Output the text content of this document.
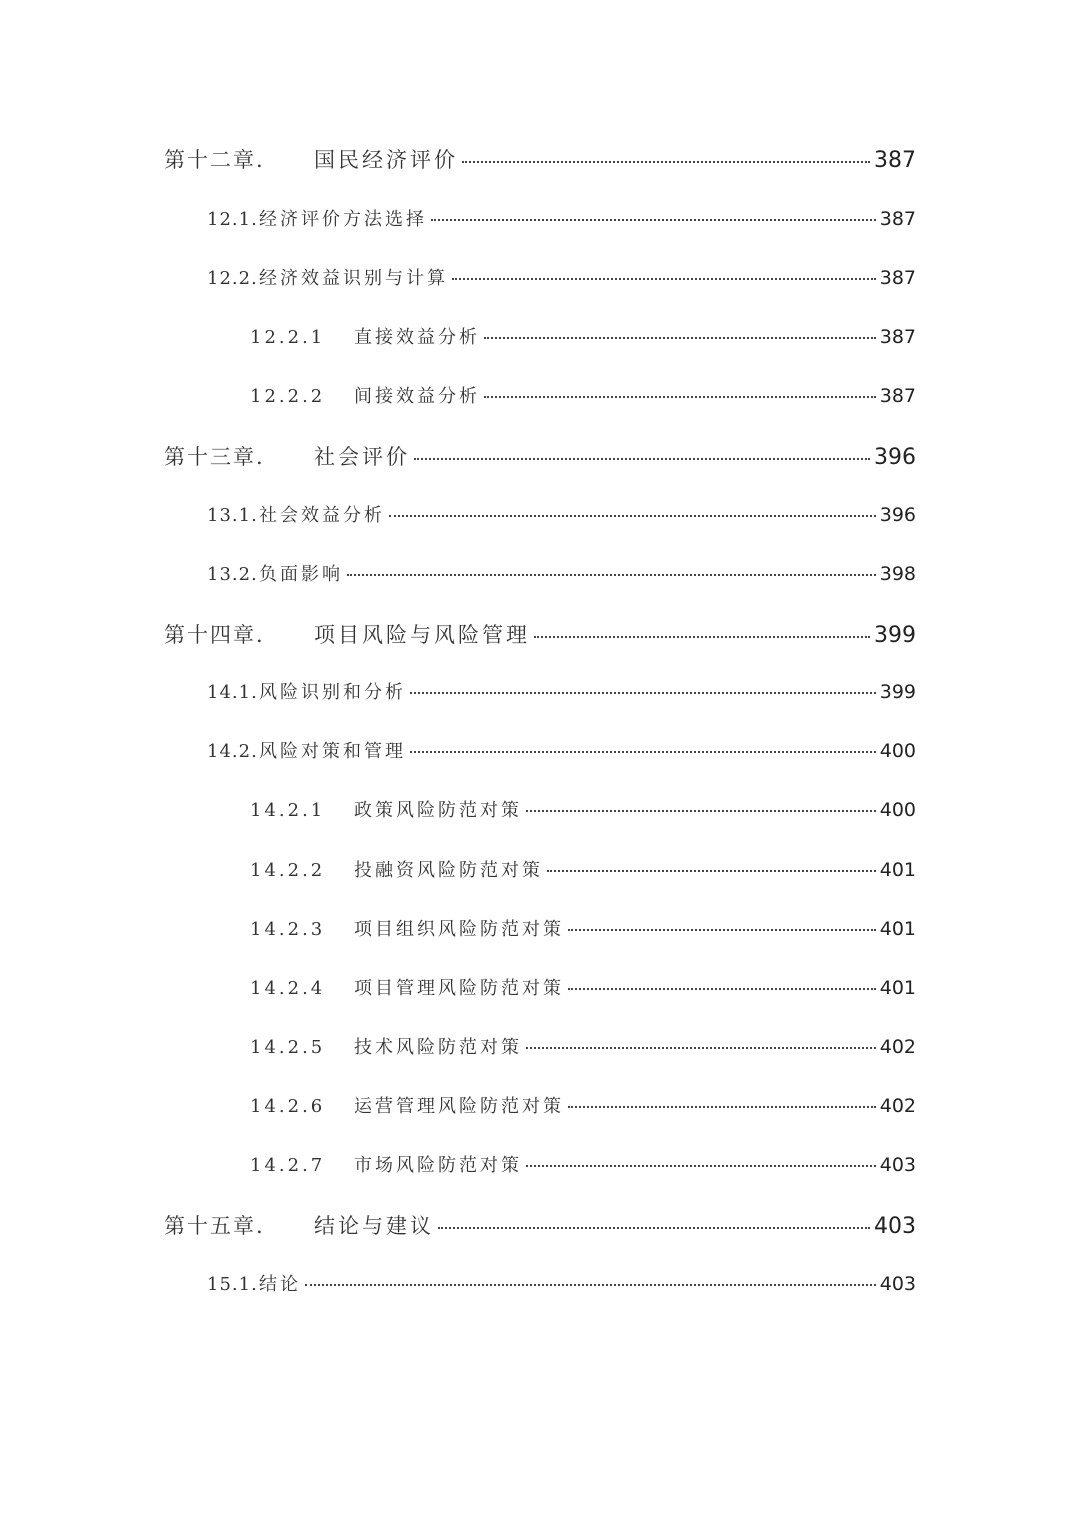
第十二章.	国民经济评价	387
12.1. 经济评价方法选择	387
12.2. 经济效益识别与计算	387
12.2.1	直接效益分析	387
12.2.2	间接效益分析	387
第十三章.	社会评价	396
13.1. 社会效益分析	396
13.2. 负面影响	398
第十四章.	项目风险与风险管理	399
14.1. 风险识别和分析	399
14.2. 风险对策和管理	400
14.2.1	政策风险防范对策	400
14.2.2	投融资风险防范对策	401
14.2.3	项目组织风险防范对策	401
14.2.4	项目管理风险防范对策	401
14.2.5	技术风险防范对策	402
14.2.6	运营管理风险防范对策	402
14.2.7	市场风险防范对策	403
第十五章.	结论与建议	403
15.1. 结论	403
